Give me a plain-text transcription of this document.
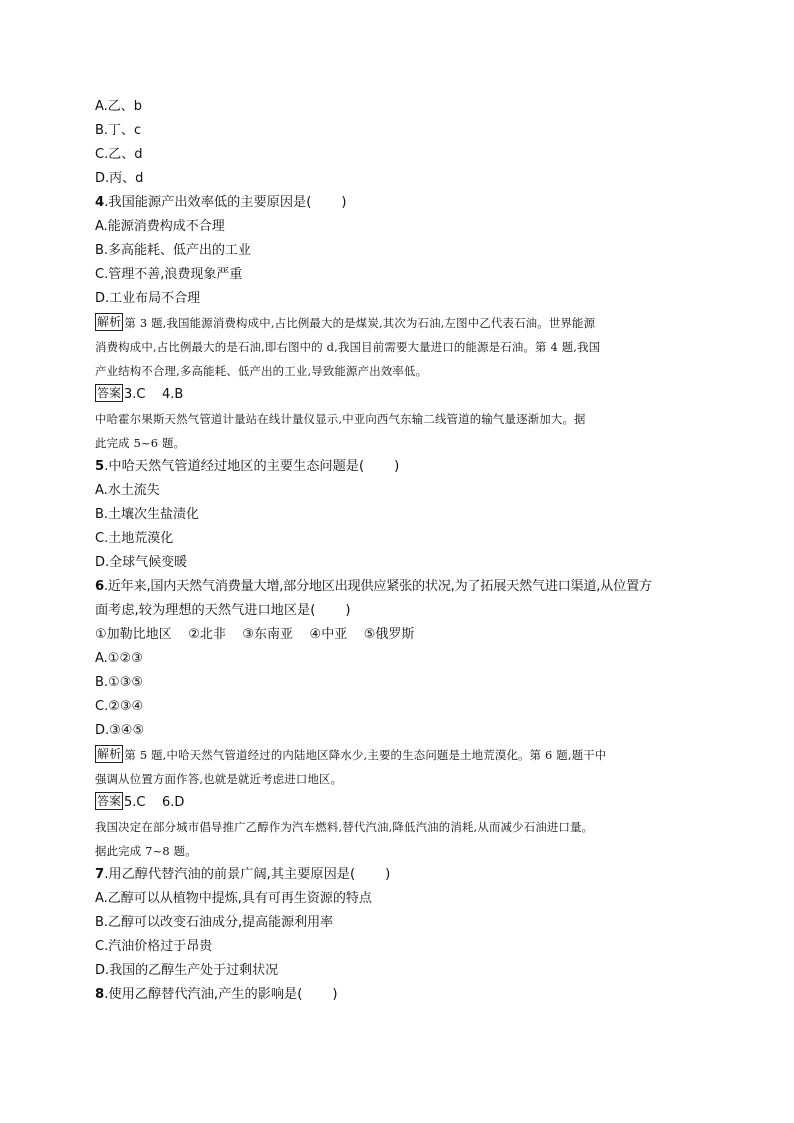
A.乙、b
B.丁、c
C.乙、d
D.丙、d
4.我国能源产出效率低的主要原因是( )
A.能源消费构成不合理
B.多高能耗、低产出的工业
C.管理不善,浪费现象严重
D.工业布局不合理
解析 第 3 题,我国能源消费构成中,占比例最大的是煤炭,其次为石油,左图中乙代表石油。世界能源
消费构成中,占比例最大的是石油,即右图中的 d,我国目前需要大量进口的能源是石油。第 4 题,我国
产业结构不合理,多高能耗、低产出的工业,导致能源产出效率低。
答案 3.C    4.B
中哈霍尔果斯天然气管道计量站在线计量仪显示,中亚向西气东输二线管道的输气量逐渐加大。据
此完成 5~6 题。
5.中哈天然气管道经过地区的主要生态问题是( )
A.水土流失
B.土壤次生盐渍化
C.土地荒漠化
D.全球气候变暖
6.近年来,国内天然气消费量大增,部分地区出现供应紧张的状况,为了拓展天然气进口渠道,从位置方
面考虑,较为理想的天然气进口地区是( )
①加勒比地区    ②北非    ③东南亚    ④中亚    ⑤俄罗斯
A.①②③
B.①③⑤
C.②③④
D.③④⑤
解析 第 5 题,中哈天然气管道经过的内陆地区降水少,主要的生态问题是土地荒漠化。第 6 题,题干中
强调从位置方面作答,也就是就近考虑进口地区。
答案 5.C    6.D
我国决定在部分城市倡导推广乙醇作为汽车燃料,替代汽油,降低汽油的消耗,从而减少石油进口量。
据此完成 7~8 题。
7.用乙醇代替汽油的前景广阔,其主要原因是( )
A.乙醇可以从植物中提炼,具有可再生资源的特点
B.乙醇可以改变石油成分,提高能源利用率
C.汽油价格过于昂贵
D.我国的乙醇生产处于过剩状况
8.使用乙醇替代汽油,产生的影响是( )
